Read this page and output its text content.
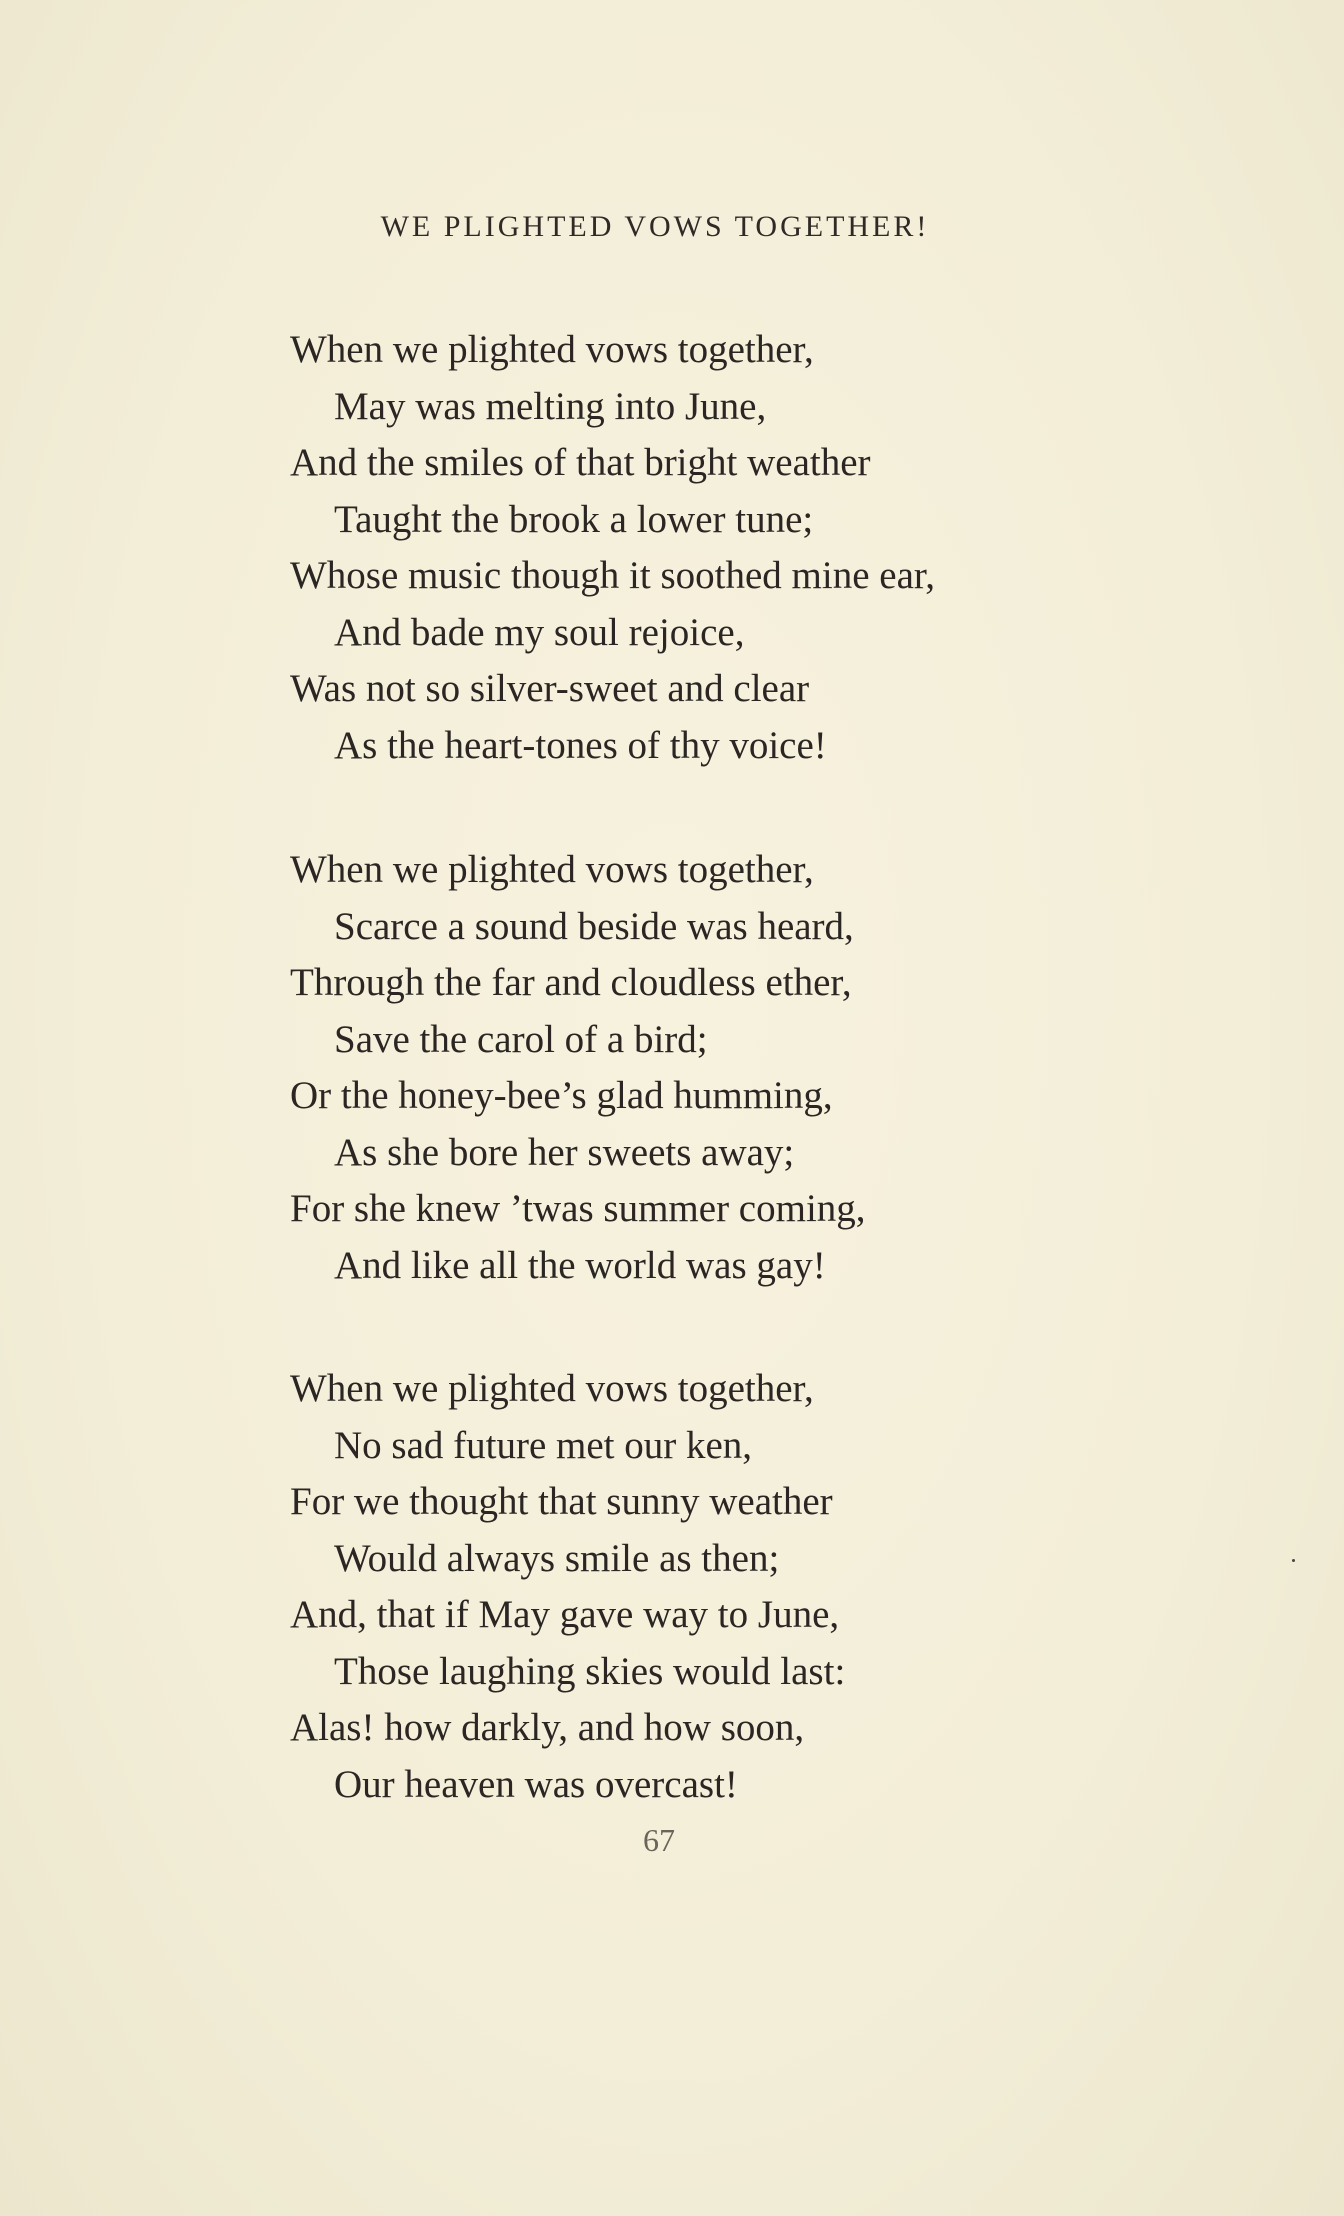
WE PLIGHTED VOWS TOGETHER!
When we plighted vows together,
May was melting into June,
And the smiles of that bright weather
Taught the brook a lower tune;
Whose music though it soothed mine ear,
And bade my soul rejoice,
Was not so silver-sweet and clear
As the heart-tones of thy voice!
When we plighted vows together,
Scarce a sound beside was heard,
Through the far and cloudless ether,
Save the carol of a bird;
Or the honey-bee’s glad humming,
As she bore her sweets away;
For she knew ’twas summer coming,
And like all the world was gay!
When we plighted vows together,
No sad future met our ken,
For we thought that sunny weather
Would always smile as then;
And, that if May gave way to June,
Those laughing skies would last:
Alas! how darkly, and how soon,
Our heaven was overcast!
67
